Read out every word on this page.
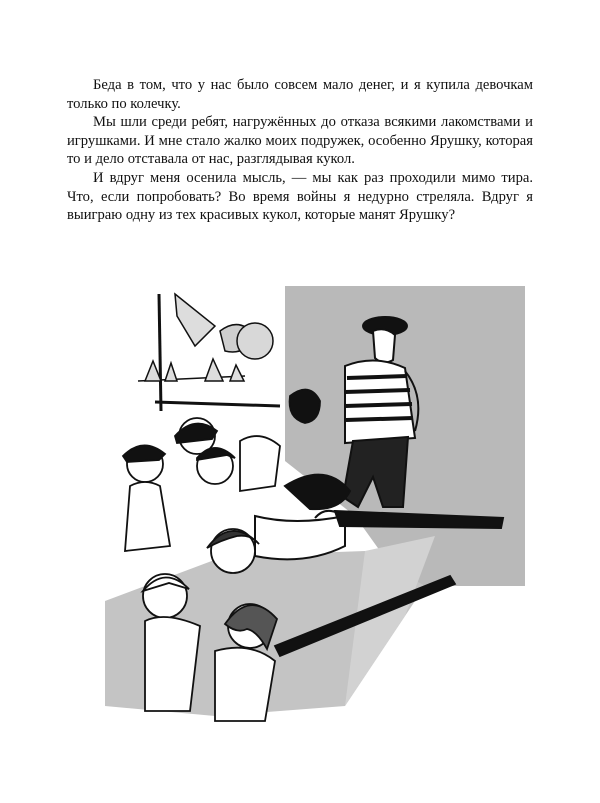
Беда в том, что у нас было совсем мало денег, и я купила девочкам только по колечку.

Мы шли среди ребят, нагружённых до отказа всякими лакомствами и игрушками. И мне стало жалко моих подружек, особенно Ярушку, которая то и дело отставала от нас, разглядывая кукол.

И вдруг меня осенила мысль, — мы как раз проходили мимо тира. Что, если попробовать? Во время войны я недурно стреляла. Вдруг я выиграю одну из тех красивых кукол, которые манят Ярушку?
